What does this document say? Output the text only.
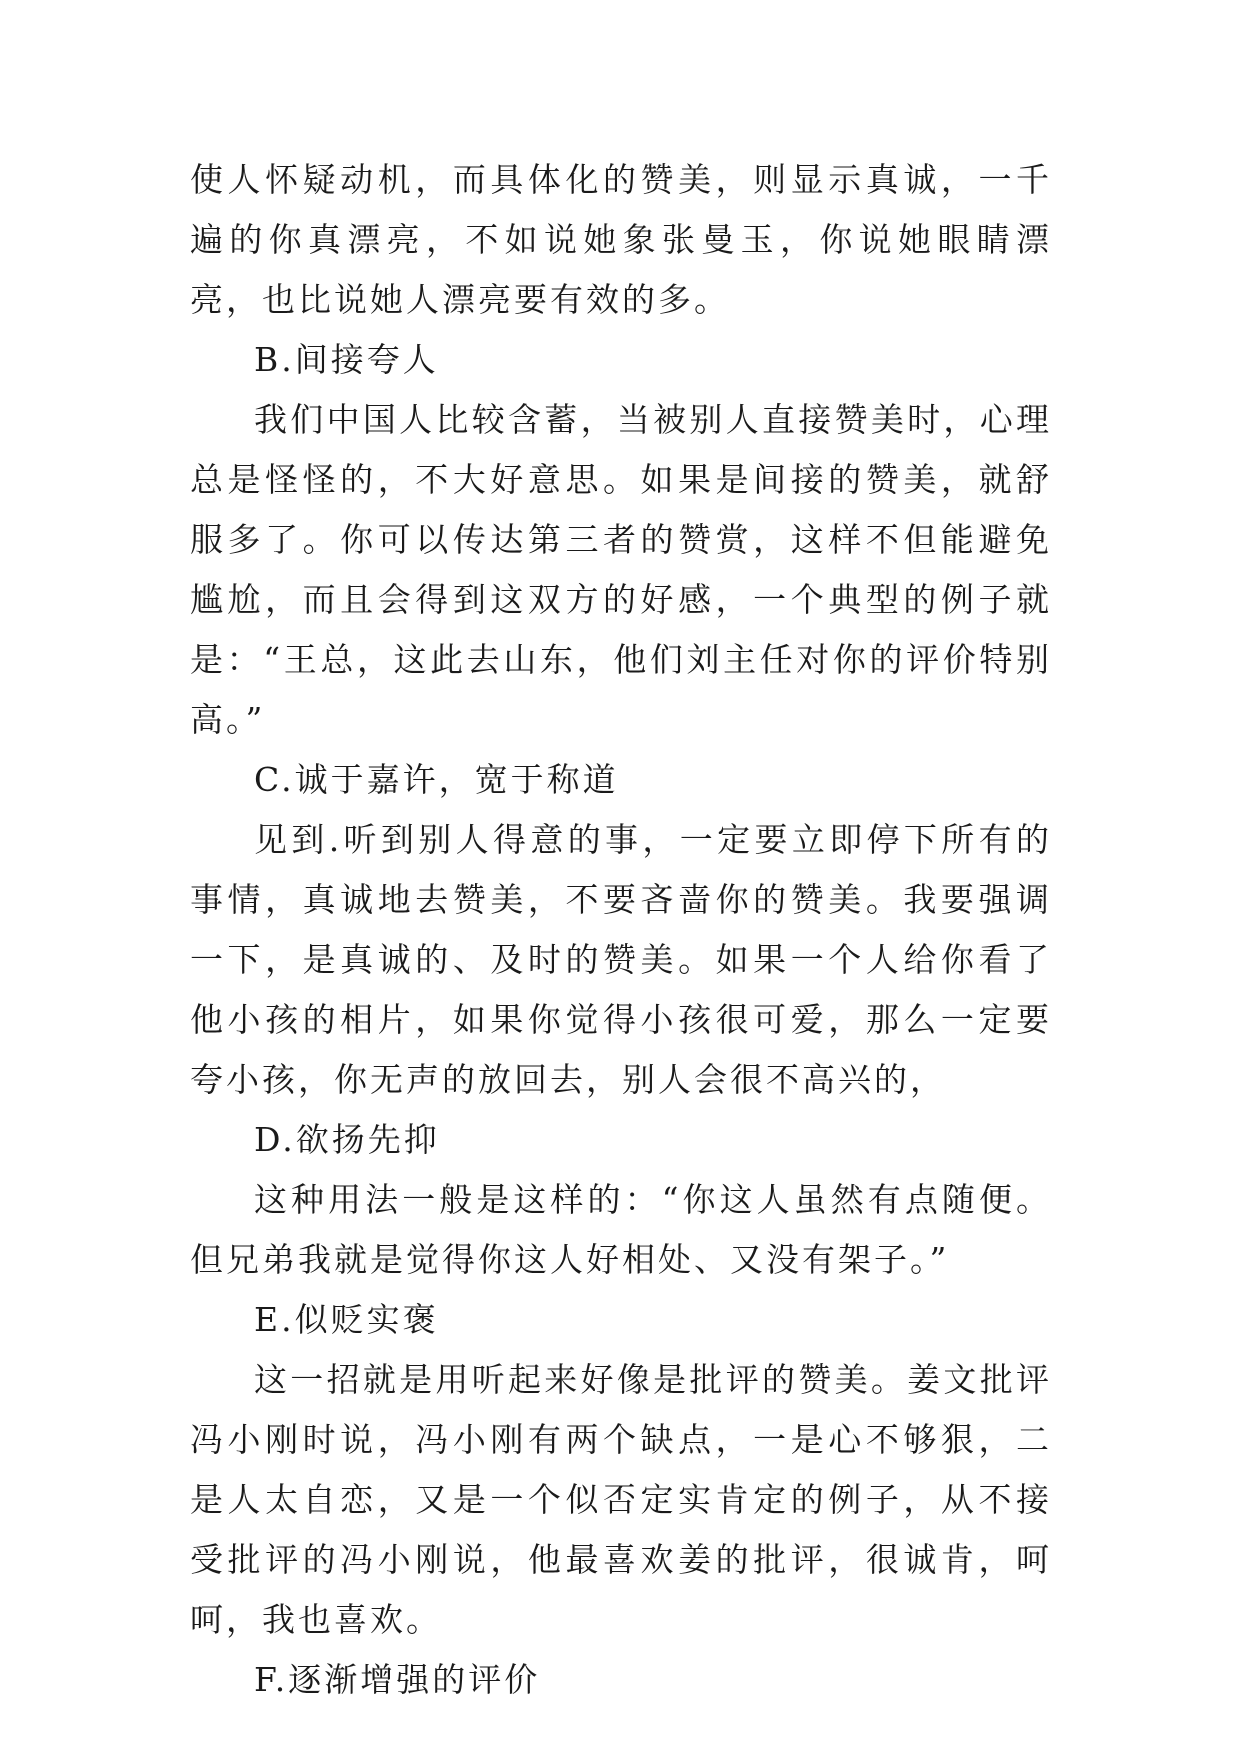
使人怀疑动机，而具体化的赞美，则显示真诚，一千遍的你真漂亮，不如说她象张曼玉，你说她眼睛漂亮，也比说她人漂亮要有效的多。

B.间接夸人

我们中国人比较含蓄，当被别人直接赞美时，心理总是怪怪的，不大好意思。如果是间接的赞美，就舒服多了。你可以传达第三者的赞赏，这样不但能避免尴尬，而且会得到这双方的好感，一个典型的例子就是：“王总，这此去山东，他们刘主任对你的评价特别高。”

C.诚于嘉许，宽于称道

见到.听到别人得意的事，一定要立即停下所有的事情，真诚地去赞美，不要吝啬你的赞美。我要强调一下，是真诚的、及时的赞美。如果一个人给你看了他小孩的相片，如果你觉得小孩很可爱，那么一定要夸小孩，你无声的放回去，别人会很不高兴的，

D.欲扬先抑

这种用法一般是这样的：“你这人虽然有点随便。但兄弟我就是觉得你这人好相处、又没有架子。”

E.似贬实褒

这一招就是用听起来好像是批评的赞美。姜文批评冯小刚时说，冯小刚有两个缺点，一是心不够狠，二是人太自恋，又是一个似否定实肯定的例子，从不接受批评的冯小刚说，他最喜欢姜的批评，很诚肯，呵呵，我也喜欢。

F.逐渐增强的评价
